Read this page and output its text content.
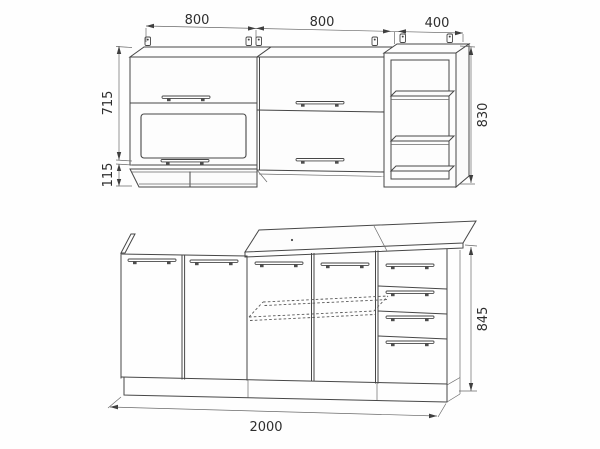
800	800	400
715
115
830
845
2000
